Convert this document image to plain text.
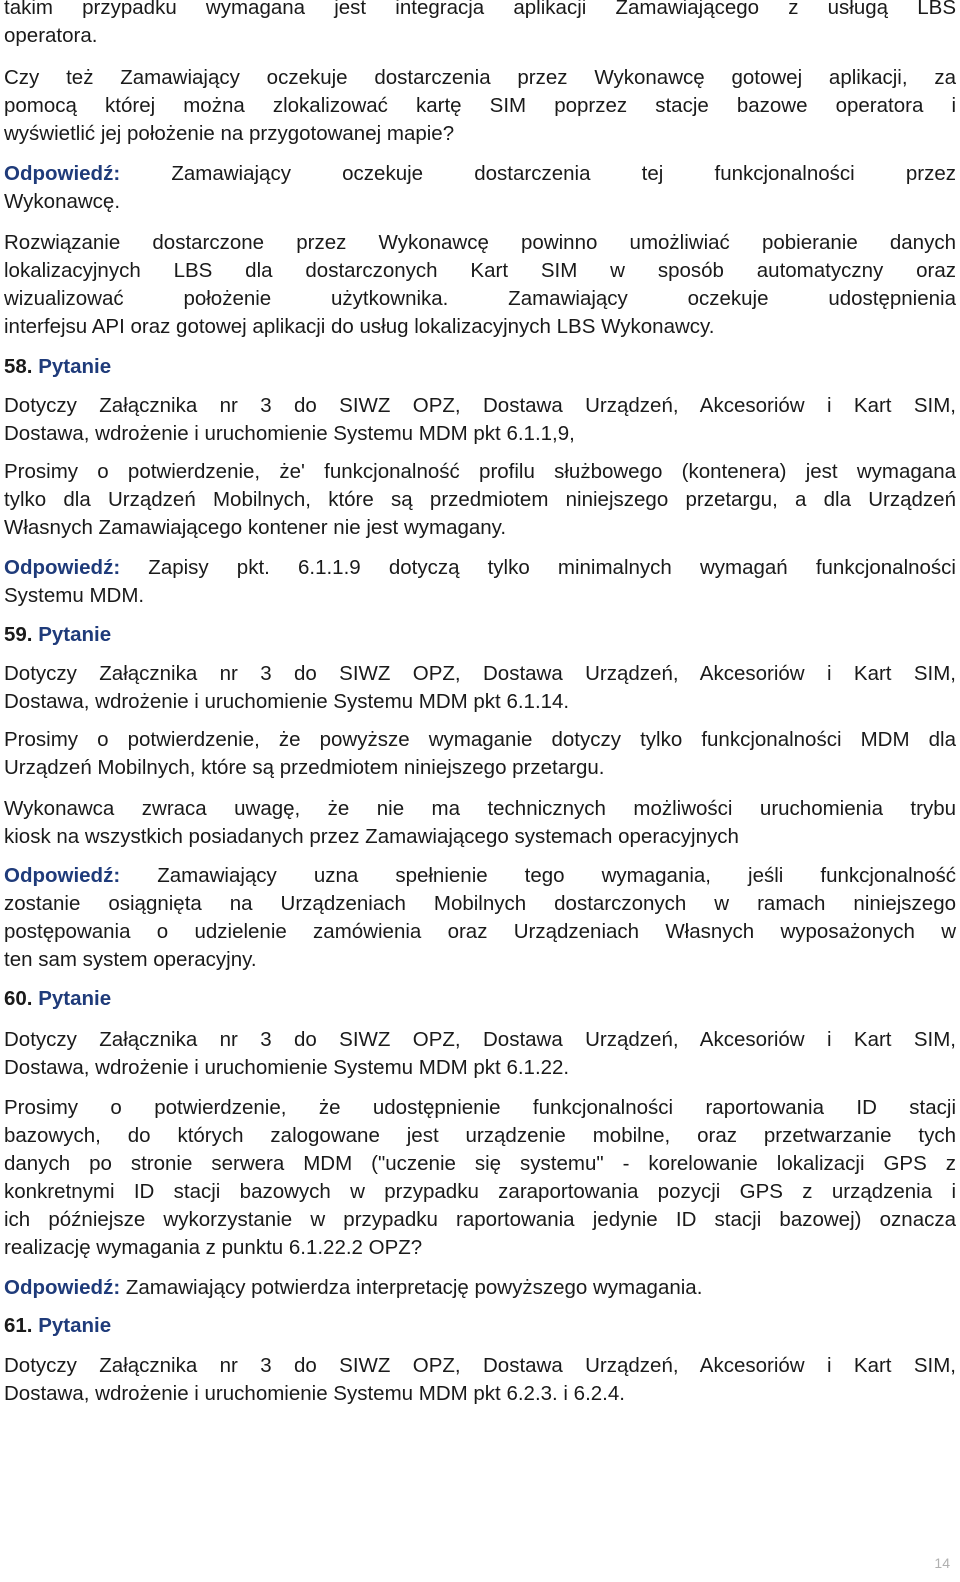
takim przypadku wymagana jest integracja aplikacji Zamawiającego z usługą LBS
operatora.
Czy też Zamawiający oczekuje dostarczenia przez Wykonawcę gotowej aplikacji, za
pomocą której można zlokalizować kartę SIM poprzez stacje bazowe operatora i
wyświetlić jej położenie na przygotowanej mapie?
Odpowiedź: Zamawiający oczekuje dostarczenia tej funkcjonalności przez
Wykonawcę.
Rozwiązanie dostarczone przez Wykonawcę powinno umożliwiać pobieranie danych
lokalizacyjnych LBS dla dostarczonych Kart SIM w sposób automatyczny oraz
wizualizować położenie użytkownika. Zamawiający oczekuje udostępnienia
interfejsu API oraz gotowej aplikacji do usług lokalizacyjnych LBS Wykonawcy.
58. Pytanie
Dotyczy Załącznika nr 3 do SIWZ OPZ, Dostawa Urządzeń, Akcesoriów i Kart SIM,
Dostawa, wdrożenie i uruchomienie Systemu MDM pkt 6.1.1,9,
Prosimy o potwierdzenie, że' funkcjonalność profilu służbowego (kontenera) jest wymagana
tylko dla Urządzeń Mobilnych, które są przedmiotem niniejszego przetargu, a dla Urządzeń
Własnych Zamawiającego kontener nie jest wymagany.
Odpowiedź: Zapisy pkt. 6.1.1.9 dotyczą tylko minimalnych wymagań funkcjonalności
Systemu MDM.
59. Pytanie
Dotyczy Załącznika nr 3 do SIWZ OPZ, Dostawa Urządzeń, Akcesoriów i Kart SIM,
Dostawa, wdrożenie i uruchomienie Systemu MDM pkt 6.1.14.
Prosimy o potwierdzenie, że powyższe wymaganie dotyczy tylko funkcjonalności MDM dla
Urządzeń Mobilnych, które są przedmiotem niniejszego przetargu.
Wykonawca zwraca uwagę, że nie ma technicznych możliwości uruchomienia trybu
kiosk na wszystkich posiadanych przez Zamawiającego systemach operacyjnych
Odpowiedź: Zamawiający uzna spełnienie tego wymagania, jeśli funkcjonalność
zostanie osiągnięta na Urządzeniach Mobilnych dostarczonych w ramach niniejszego
postępowania o udzielenie zamówienia oraz Urządzeniach Własnych wyposażonych w
ten sam system operacyjny.
60. Pytanie
Dotyczy Załącznika nr 3 do SIWZ OPZ, Dostawa Urządzeń, Akcesoriów i Kart SIM,
Dostawa, wdrożenie i uruchomienie Systemu MDM pkt 6.1.22.
Prosimy o potwierdzenie, że udostępnienie funkcjonalności raportowania ID stacji
bazowych, do których zalogowane jest urządzenie mobilne, oraz przetwarzanie tych
danych po stronie serwera MDM ("uczenie się systemu" - korelowanie lokalizacji GPS z
konkretnymi ID stacji bazowych w przypadku zaraportowania pozycji GPS z urządzenia i
ich późniejsze wykorzystanie w przypadku raportowania jedynie ID stacji bazowej) oznacza
realizację wymagania z punktu 6.1.22.2 OPZ?
Odpowiedź: Zamawiający potwierdza interpretację powyższego wymagania.
61. Pytanie
Dotyczy Załącznika nr 3 do SIWZ OPZ, Dostawa Urządzeń, Akcesoriów i Kart SIM,
Dostawa, wdrożenie i uruchomienie Systemu MDM pkt 6.2.3. i 6.2.4.
14
